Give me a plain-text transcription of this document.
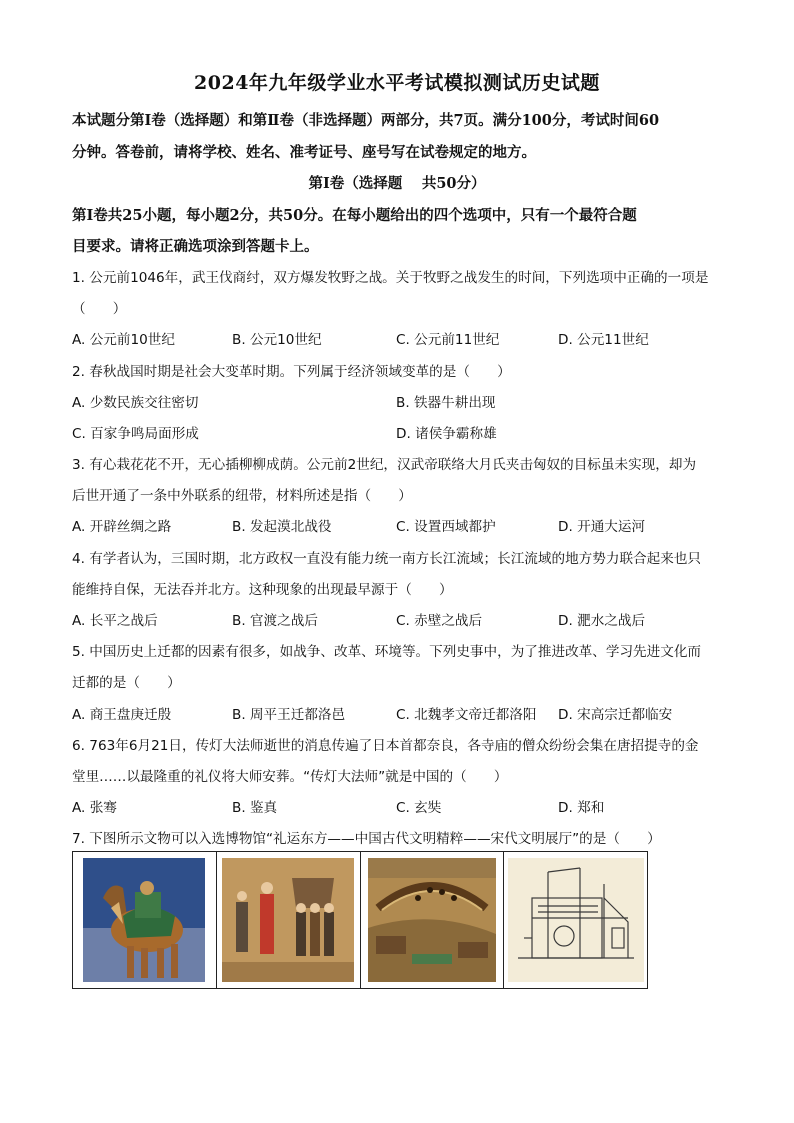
2024年九年级学业水平考试模拟测试历史试题
本试题分第Ⅰ卷（选择题）和第Ⅱ卷（非选择题）两部分，共7页。满分100分，考试时间60
分钟。答卷前，请将学校、姓名、准考证号、座号写在试卷规定的地方。
第Ⅰ卷（选择题　 共50分）
第Ⅰ卷共25小题，每小题2分，共50分。在每小题给出的四个选项中，只有一个最符合题
目要求。请将正确选项涂到答题卡上。
1. 公元前1046年，武王伐商纣，双方爆发牧野之战。关于牧野之战发生的时间，下列选项中正确的一项是
（　　）
A. 公元前10世纪	B. 公元10世纪	C. 公元前11世纪	D. 公元11世纪
2. 春秋战国时期是社会大变革时期。下列属于经济领域变革的是（　　）
A. 少数民族交往密切	B. 铁器牛耕出现
C. 百家争鸣局面形成	D. 诸侯争霸称雄
3. 有心栽花花不开，无心插柳柳成荫。公元前2世纪，汉武帝联络大月氏夹击匈奴的目标虽未实现，却为
后世开通了一条中外联系的纽带，材料所述是指（　　）
A. 开辟丝绸之路	B. 发起漠北战役	C. 设置西域都护	D. 开通大运河
4. 有学者认为，三国时期，北方政权一直没有能力统一南方长江流域；长江流域的地方势力联合起来也只
能维持自保，无法吞并北方。这种现象的出现最早源于（　　）
A. 长平之战后	B. 官渡之战后	C. 赤壁之战后	D. 淝水之战后
5. 中国历史上迁都的因素有很多，如战争、改革、环境等。下列史事中，为了推进改革、学习先进文化而
迁都的是（　　）
A. 商王盘庚迁殷	B. 周平王迁都洛邑	C. 北魏孝文帝迁都洛阳 D. 宋高宗迁都临安
6. 763年6月21日，传灯大法师逝世的消息传遍了日本首都奈良，各寺庙的僧众纷纷会集在唐招提寺的金
堂里……以最隆重的礼仪将大师安葬。“传灯大法师”就是中国的（　　）
A. 张骞	B. 鉴真	C. 玄奘	D. 郑和
7. 下图所示文物可以入选博物馆“礼运东方——中国古代文明精粹——宋代文明展厅”的是（　　）
